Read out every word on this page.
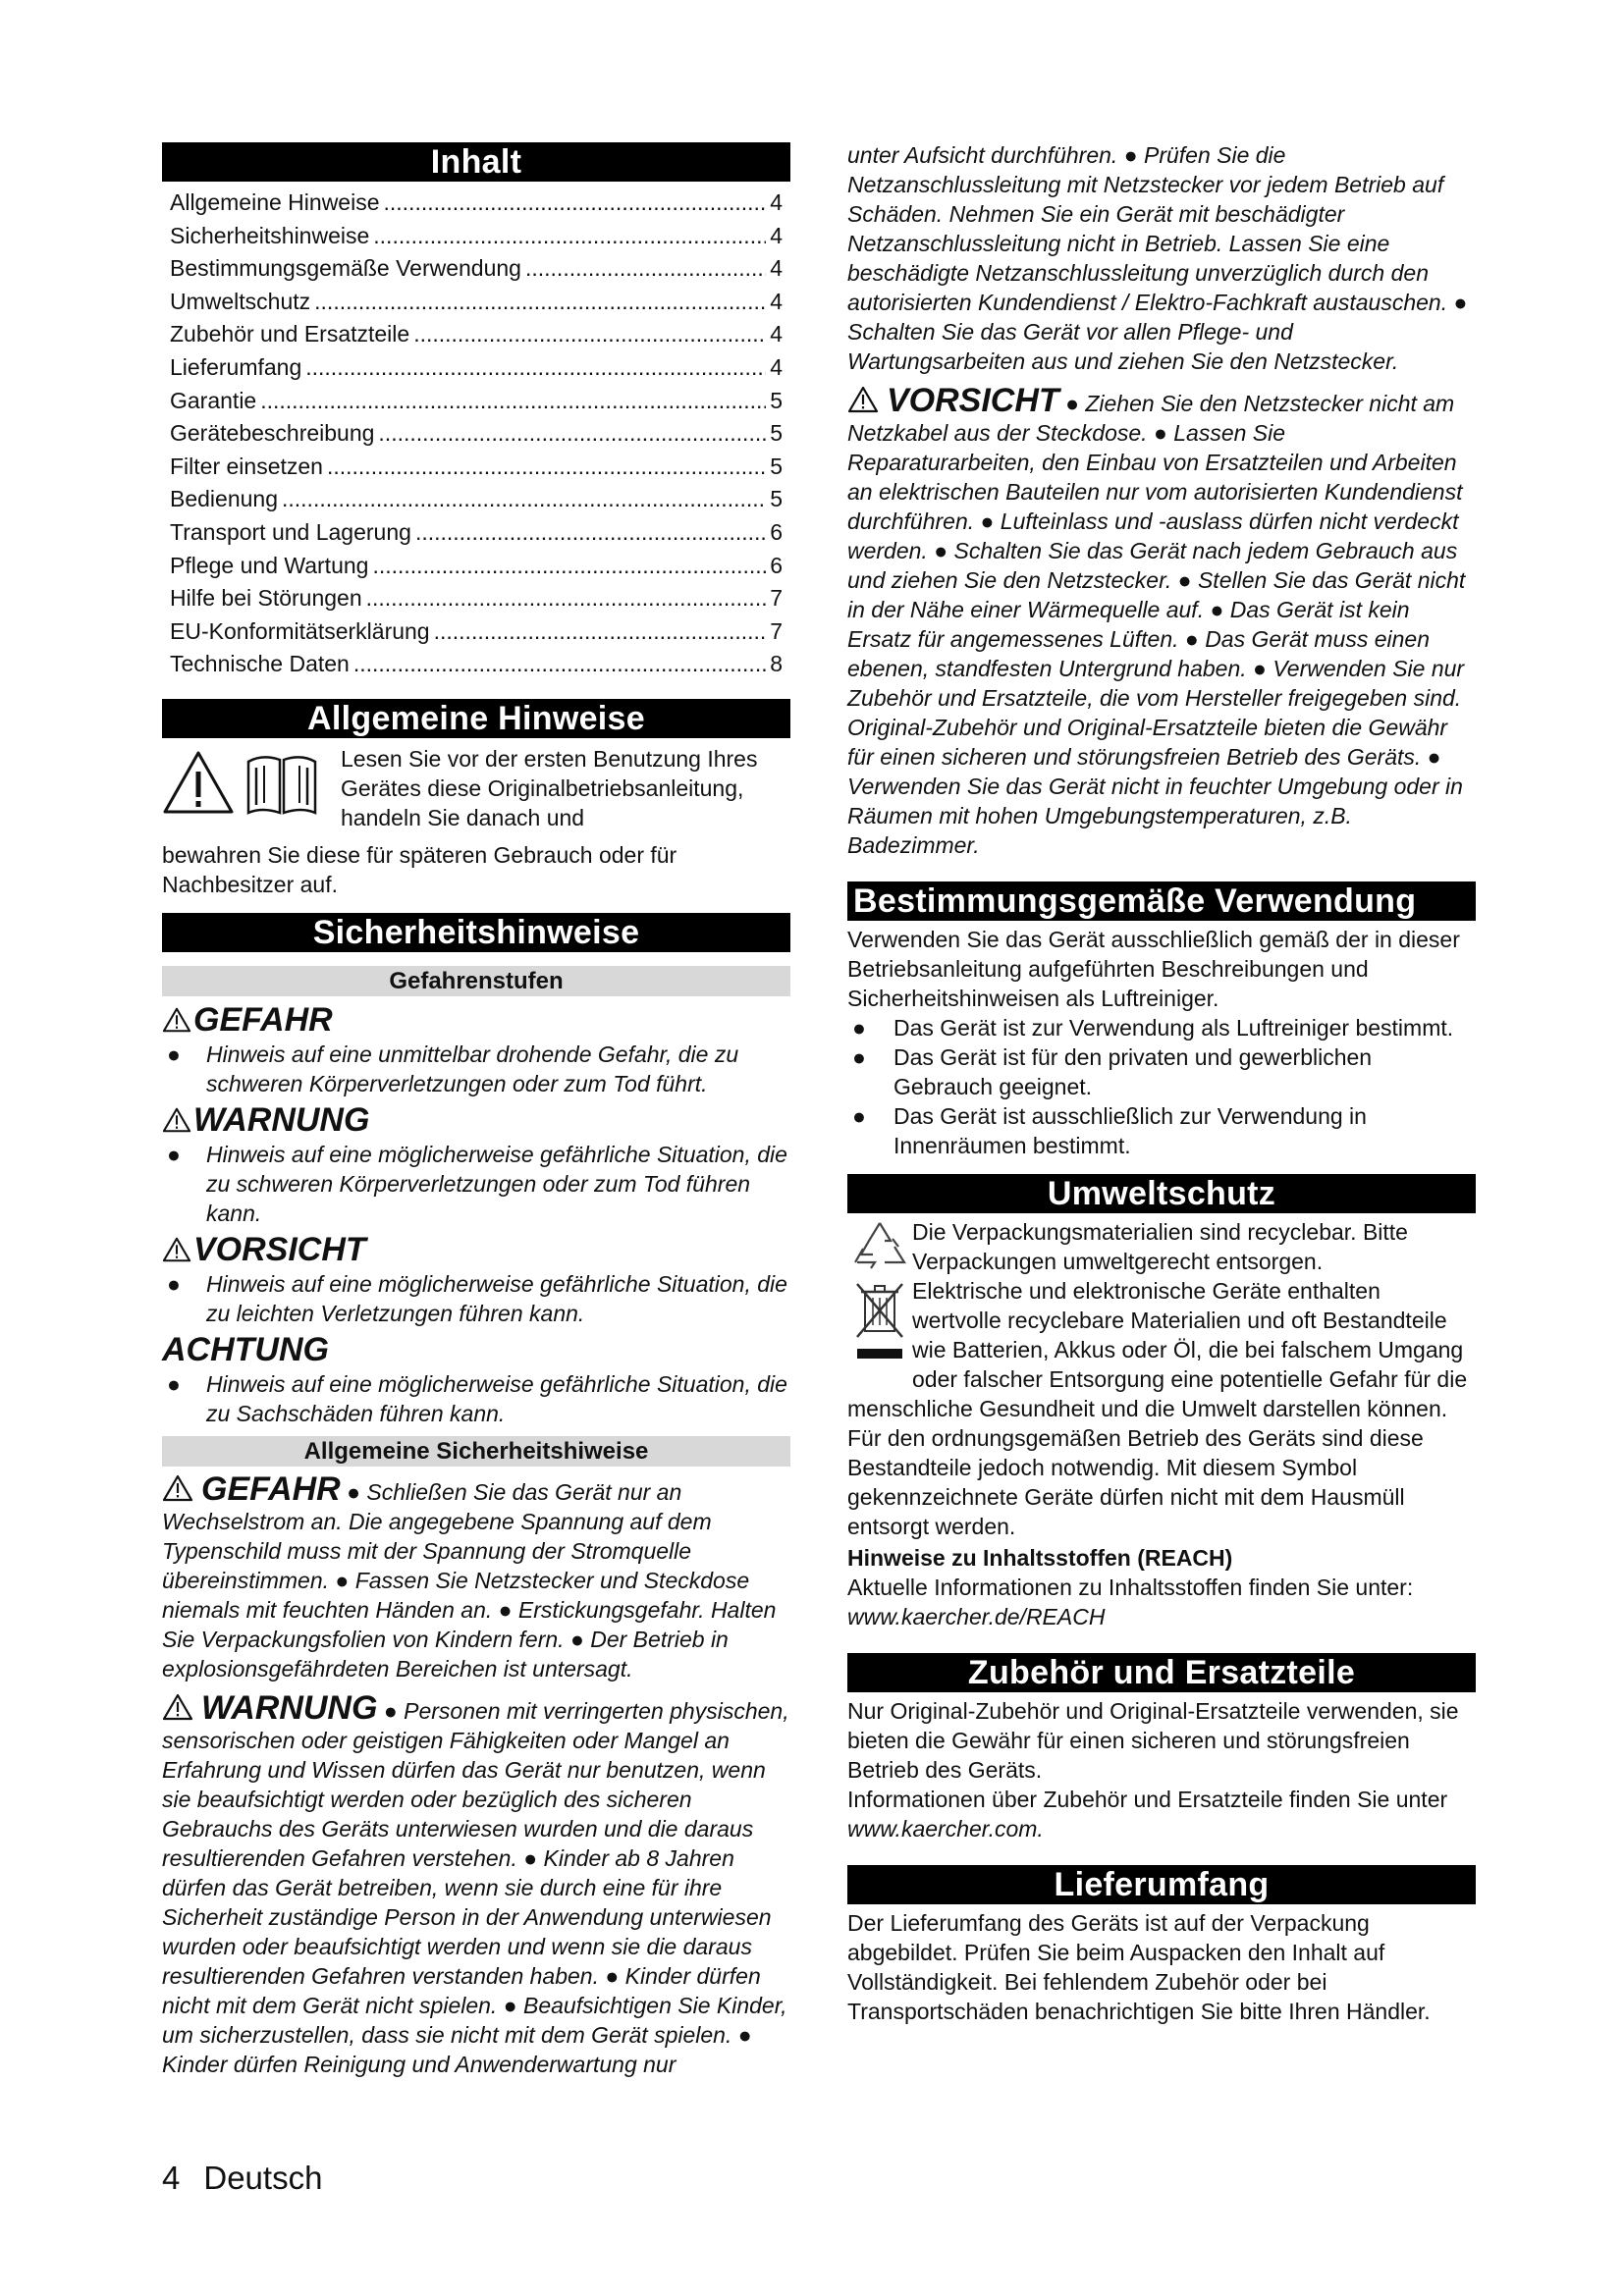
Inhalt
Allgemeine Hinweise .....	4
Sicherheitshinweise .....	4
Bestimmungsgemäße Verwendung .....	4
Umweltschutz .....	4
Zubehör und Ersatzteile .....	4
Lieferumfang .....	4
Garantie .....	5
Gerätebeschreibung .....	5
Filter einsetzen .....	5
Bedienung .....	5
Transport und Lagerung .....	6
Pflege und Wartung .....	6
Hilfe bei Störungen .....	7
EU-Konformitätserklärung .....	7
Technische Daten .....	8
Allgemeine Hinweise

Lesen Sie vor der ersten Benutzung Ihres Gerätes diese Originalbetriebsanleitung, handeln Sie danach und

bewahren Sie diese für späteren Gebrauch oder für Nachbesitzer auf.

Sicherheitshinweise
Gefahrenstufen
GEFAHR
●	Hinweis auf eine unmittelbar drohende Gefahr, die zu schweren Körperverletzungen oder zum Tod führt.
WARNUNG
●	Hinweis auf eine möglicherweise gefährliche Situation, die zu schweren Körperverletzungen oder zum Tod führen kann.
VORSICHT
●	Hinweis auf eine möglicherweise gefährliche Situation, die zu leichten Verletzungen führen kann.
ACHTUNG
●	Hinweis auf eine möglicherweise gefährliche Situation, die zu Sachschäden führen kann.
Allgemeine Sicherheitshiweise

GEFAHR ● Schließen Sie das Gerät nur an Wechselstrom an. Die angegebene Spannung auf dem Typenschild muss mit der Spannung der Stromquelle übereinstimmen. ● Fassen Sie Netzstecker und Steckdose niemals mit feuchten Händen an. ● Erstickungsgefahr. Halten Sie Verpackungsfolien von Kindern fern. ● Der Betrieb in explosionsgefährdeten Bereichen ist untersagt.

WARNUNG ● Personen mit verringerten physischen, sensorischen oder geistigen Fähigkeiten oder Mangel an Erfahrung und Wissen dürfen das Gerät nur benutzen, wenn sie beaufsichtigt werden oder bezüglich des sicheren Gebrauchs des Geräts unterwiesen wurden und die daraus resultierenden Gefahren verstehen. ● Kinder ab 8 Jahren dürfen das Gerät betreiben, wenn sie durch eine für ihre Sicherheit zuständige Person in der Anwendung unterwiesen wurden oder beaufsichtigt werden und wenn sie die daraus resultierenden Gefahren verstanden haben. ● Kinder dürfen nicht mit dem Gerät nicht spielen. ● Beaufsichtigen Sie Kinder, um sicherzustellen, dass sie nicht mit dem Gerät spielen. ● Kinder dürfen Reinigung und Anwenderwartung nur

unter Aufsicht durchführen. ● Prüfen Sie die Netzanschlussleitung mit Netzstecker vor jedem Betrieb auf Schäden. Nehmen Sie ein Gerät mit beschädigter Netzanschlussleitung nicht in Betrieb. Lassen Sie eine beschädigte Netzanschlussleitung unverzüglich durch den autorisierten Kundendienst / Elektro-Fachkraft austauschen. ● Schalten Sie das Gerät vor allen Pflege- und Wartungsarbeiten aus und ziehen Sie den Netzstecker.

VORSICHT ● Ziehen Sie den Netzstecker nicht am Netzkabel aus der Steckdose. ● Lassen Sie Reparaturarbeiten, den Einbau von Ersatzteilen und Arbeiten an elektrischen Bauteilen nur vom autorisierten Kundendienst durchführen. ● Lufteinlass und -auslass dürfen nicht verdeckt werden. ● Schalten Sie das Gerät nach jedem Gebrauch aus und ziehen Sie den Netzstecker. ● Stellen Sie das Gerät nicht in der Nähe einer Wärmequelle auf. ● Das Gerät ist kein Ersatz für angemessenes Lüften. ● Das Gerät muss einen ebenen, standfesten Untergrund haben. ● Verwenden Sie nur Zubehör und Ersatzteile, die vom Hersteller freigegeben sind. Original-Zubehör und Original-Ersatzteile bieten die Gewähr für einen sicheren und störungsfreien Betrieb des Geräts. ● Verwenden Sie das Gerät nicht in feuchter Umgebung oder in Räumen mit hohen Umgebungstemperaturen, z.B. Badezimmer.

Bestimmungsgemäße Verwendung

Verwenden Sie das Gerät ausschließlich gemäß der in dieser Betriebsanleitung aufgeführten Beschreibungen und Sicherheitshinweisen als Luftreiniger.

●	Das Gerät ist zur Verwendung als Luftreiniger bestimmt.
●	Das Gerät ist für den privaten und gewerblichen Gebrauch geeignet.
●	Das Gerät ist ausschließlich zur Verwendung in Innenräumen bestimmt.
Umweltschutz

Die Verpackungsmaterialien sind recyclebar. Bitte Verpackungen umweltgerecht entsorgen.

Elektrische und elektronische Geräte enthalten wertvolle recyclebare Materialien und oft Bestandteile wie Batterien, Akkus oder Öl, die bei falschem Umgang oder falscher Entsorgung eine potentielle Gefahr für die menschliche Gesundheit und die Umwelt darstellen können. Für den ordnungsgemäßen Betrieb des Geräts sind diese Bestandteile jedoch notwendig. Mit diesem Symbol gekennzeichnete Geräte dürfen nicht mit dem Hausmüll entsorgt werden.

Hinweise zu Inhaltsstoffen (REACH)

Aktuelle Informationen zu Inhaltsstoffen finden Sie unter: www.kaercher.de/REACH

Zubehör und Ersatzteile

Nur Original-Zubehör und Original-Ersatzteile verwenden, sie bieten die Gewähr für einen sicheren und störungsfreien Betrieb des Geräts.

Informationen über Zubehör und Ersatzteile finden Sie unter www.kaercher.com.

Lieferumfang

Der Lieferumfang des Geräts ist auf der Verpackung abgebildet. Prüfen Sie beim Auspacken den Inhalt auf Vollständigkeit. Bei fehlendem Zubehör oder bei Transportschäden benachrichtigen Sie bitte Ihren Händler.

4 Deutsch
